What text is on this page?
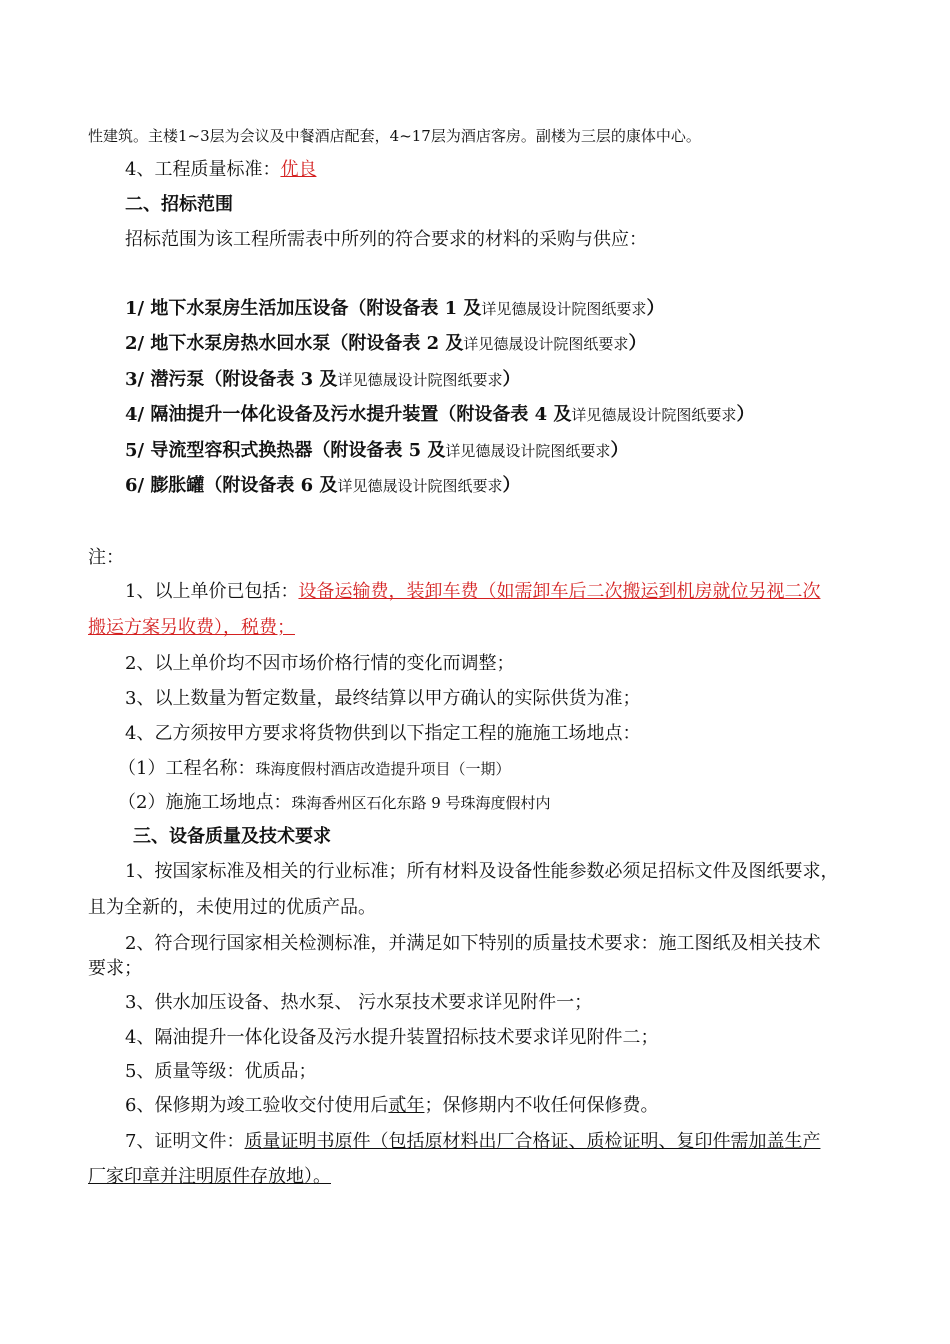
性建筑。主楼1~3层为会议及中餐酒店配套，4~17层为酒店客房。副楼为三层的康体中心。
4、工程质量标准：优良
二、招标范围
招标范围为该工程所需表中所列的符合要求的材料的采购与供应：
1/ 地下水泵房生活加压设备（附设备表 1 及详见德晟设计院图纸要求）
2/ 地下水泵房热水回水泵（附设备表 2 及详见德晟设计院图纸要求）
3/ 潜污泵（附设备表 3 及详见德晟设计院图纸要求）
4/ 隔油提升一体化设备及污水提升装置（附设备表 4 及详见德晟设计院图纸要求）
5/ 导流型容积式换热器（附设备表 5 及详见德晟设计院图纸要求）
6/ 膨胀罐（附设备表 6 及详见德晟设计院图纸要求）
注：
1、以上单价已包括：设备运输费，装卸车费（如需卸车后二次搬运到机房就位另视二次
搬运方案另收费），税费；
2、以上单价均不因市场价格行情的变化而调整；
3、以上数量为暂定数量，最终结算以甲方确认的实际供货为准；
4、乙方须按甲方要求将货物供到以下指定工程的施施工场地点：
（1）工程名称：珠海度假村酒店改造提升项目（一期）
（2）施施工场地点：珠海香州区石化东路 9 号珠海度假村内
三、设备质量及技术要求
1、按国家标准及相关的行业标准；所有材料及设备性能参数必须足招标文件及图纸要求，
且为全新的，未使用过的优质产品。
2、符合现行国家相关检测标准，并满足如下特别的质量技术要求：施工图纸及相关技术
要求；
3、供水加压设备、热水泵、 污水泵技术要求详见附件一；
4、隔油提升一体化设备及污水提升装置招标技术要求详见附件二；
5、质量等级：优质品；
6、保修期为竣工验收交付使用后贰年；保修期内不收任何保修费。
7、证明文件：质量证明书原件（包括原材料出厂合格证、质检证明、复印件需加盖生产
厂家印章并注明原件存放地）。
